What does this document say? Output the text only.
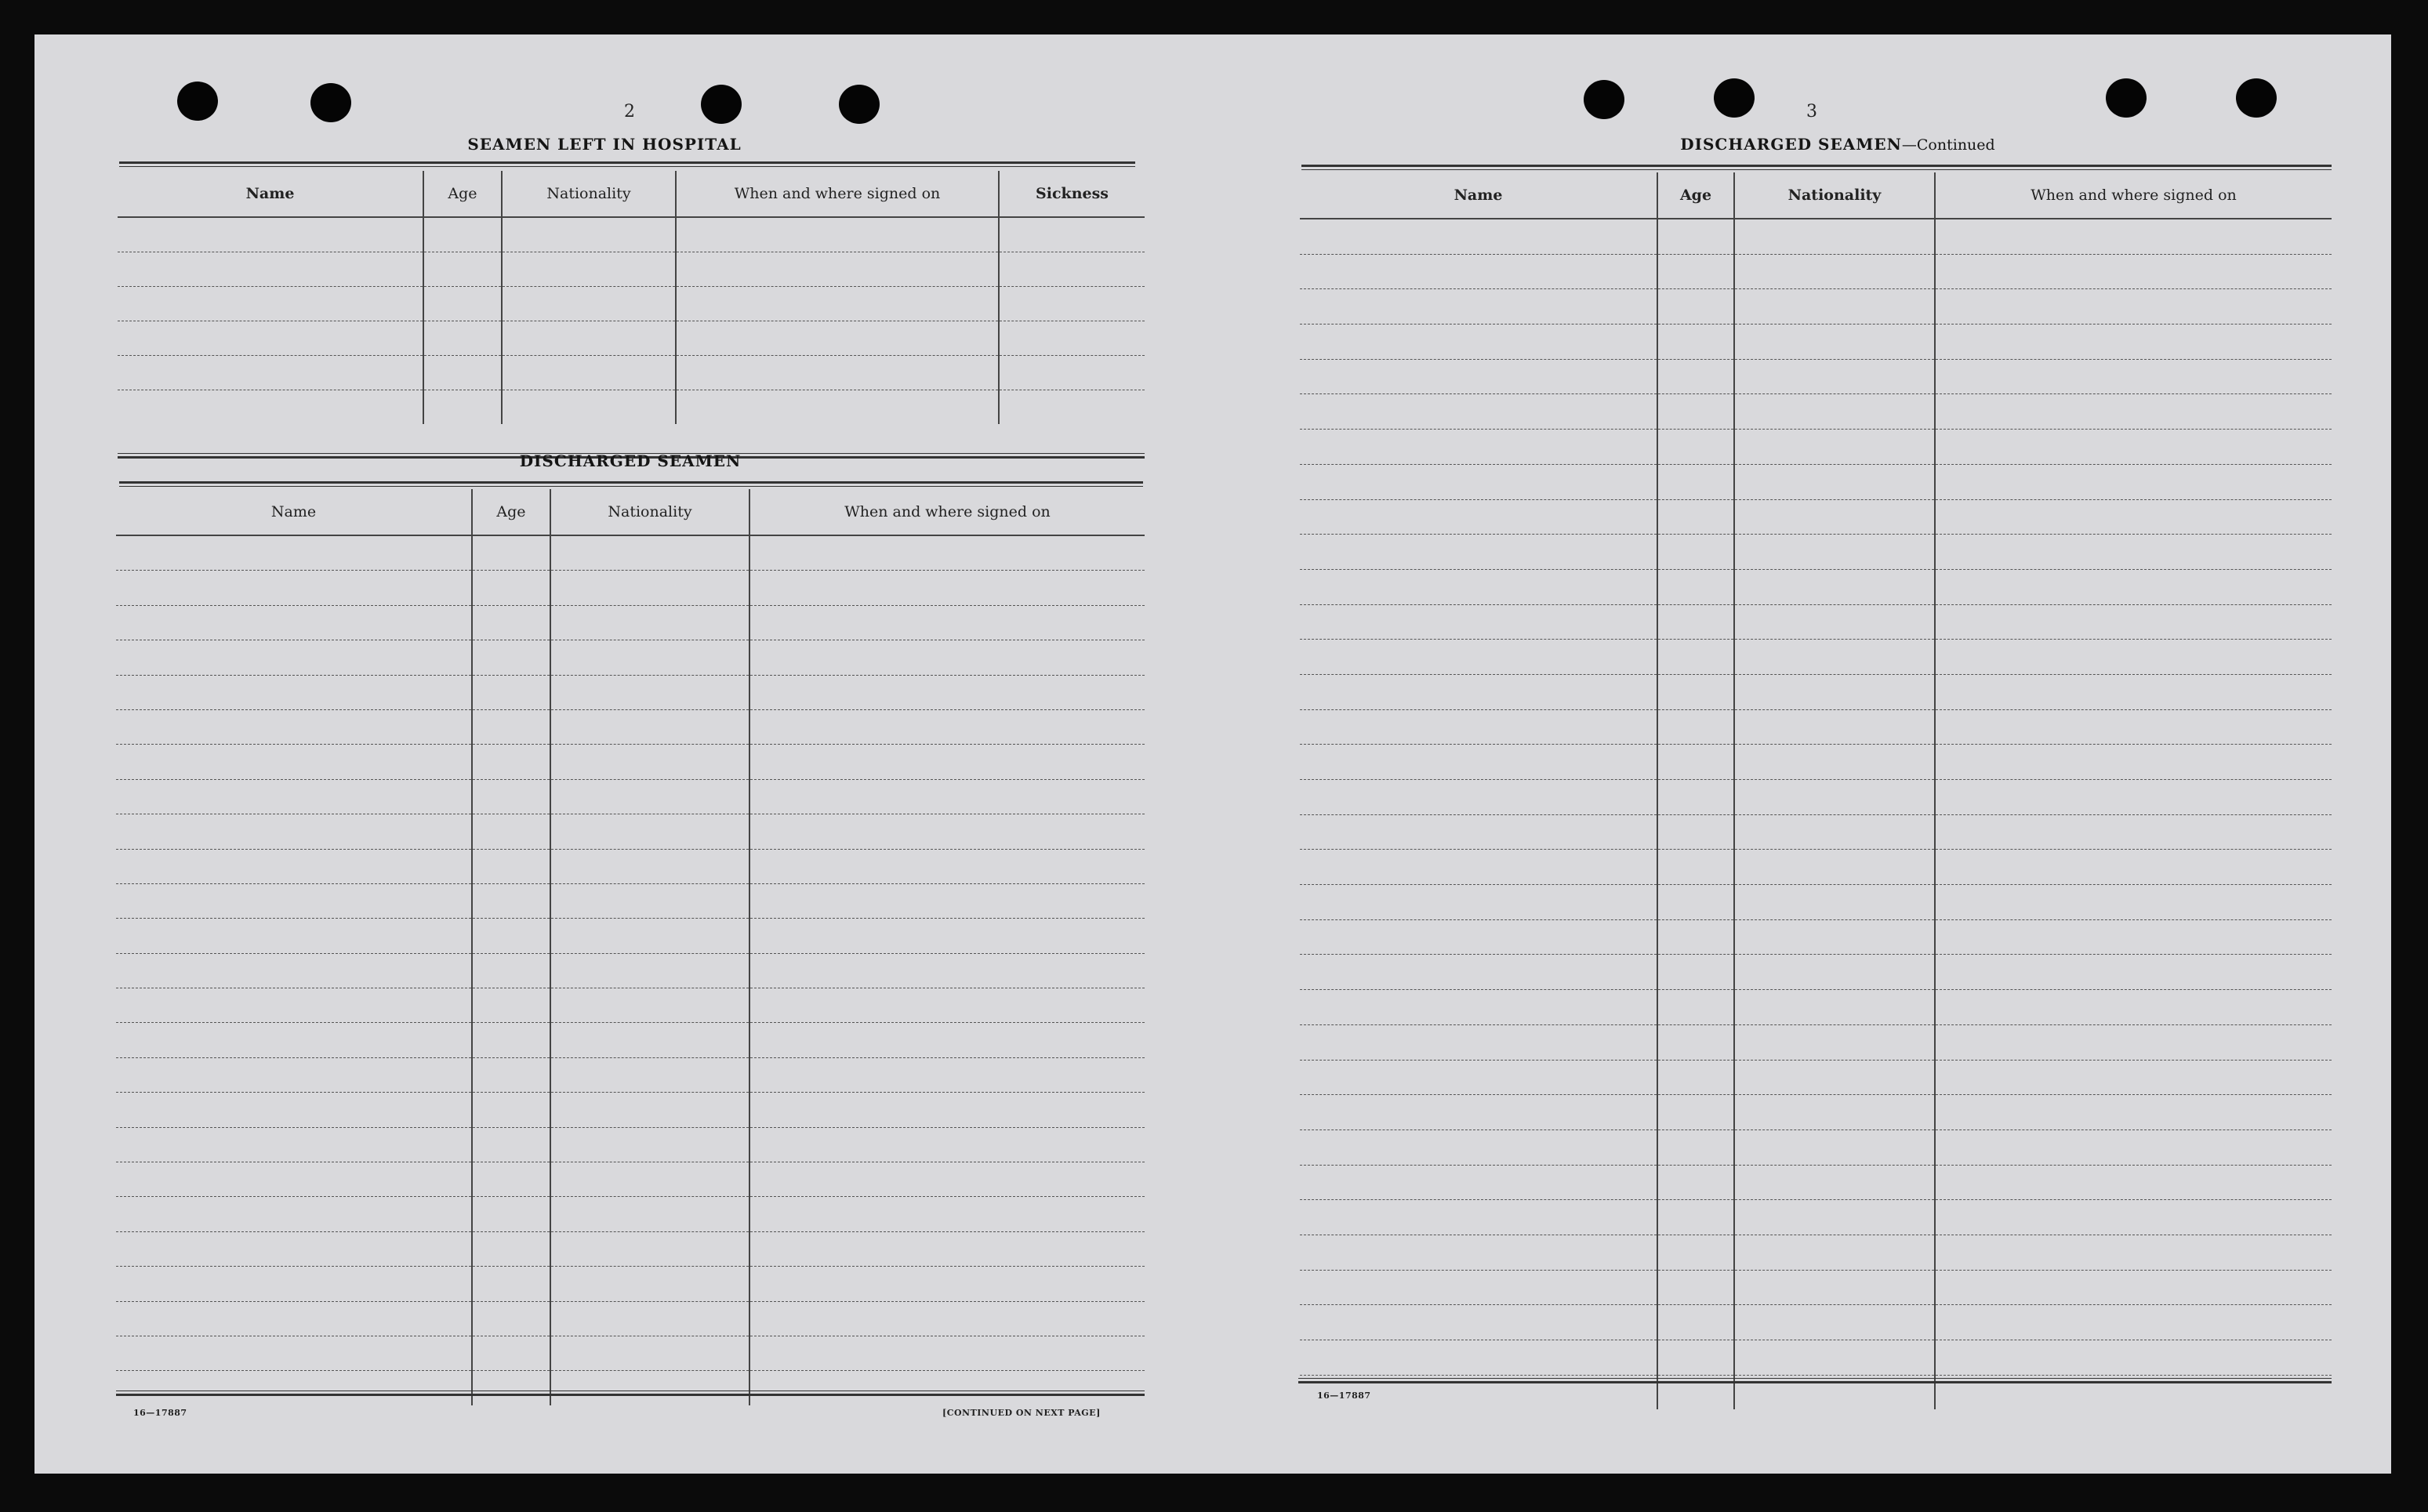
2
SEAMEN LEFT IN HOSPITAL
Name	Age	Nationality	When and where signed on	Sickness

DISCHARGED SEAMEN
Name	Age	Nationality	When and where signed on

16—17887	[CONTINUED ON NEXT PAGE]
3
DISCHARGED SEAMEN—Continued
Name	Age	Nationality	When and where signed on

16—17887
